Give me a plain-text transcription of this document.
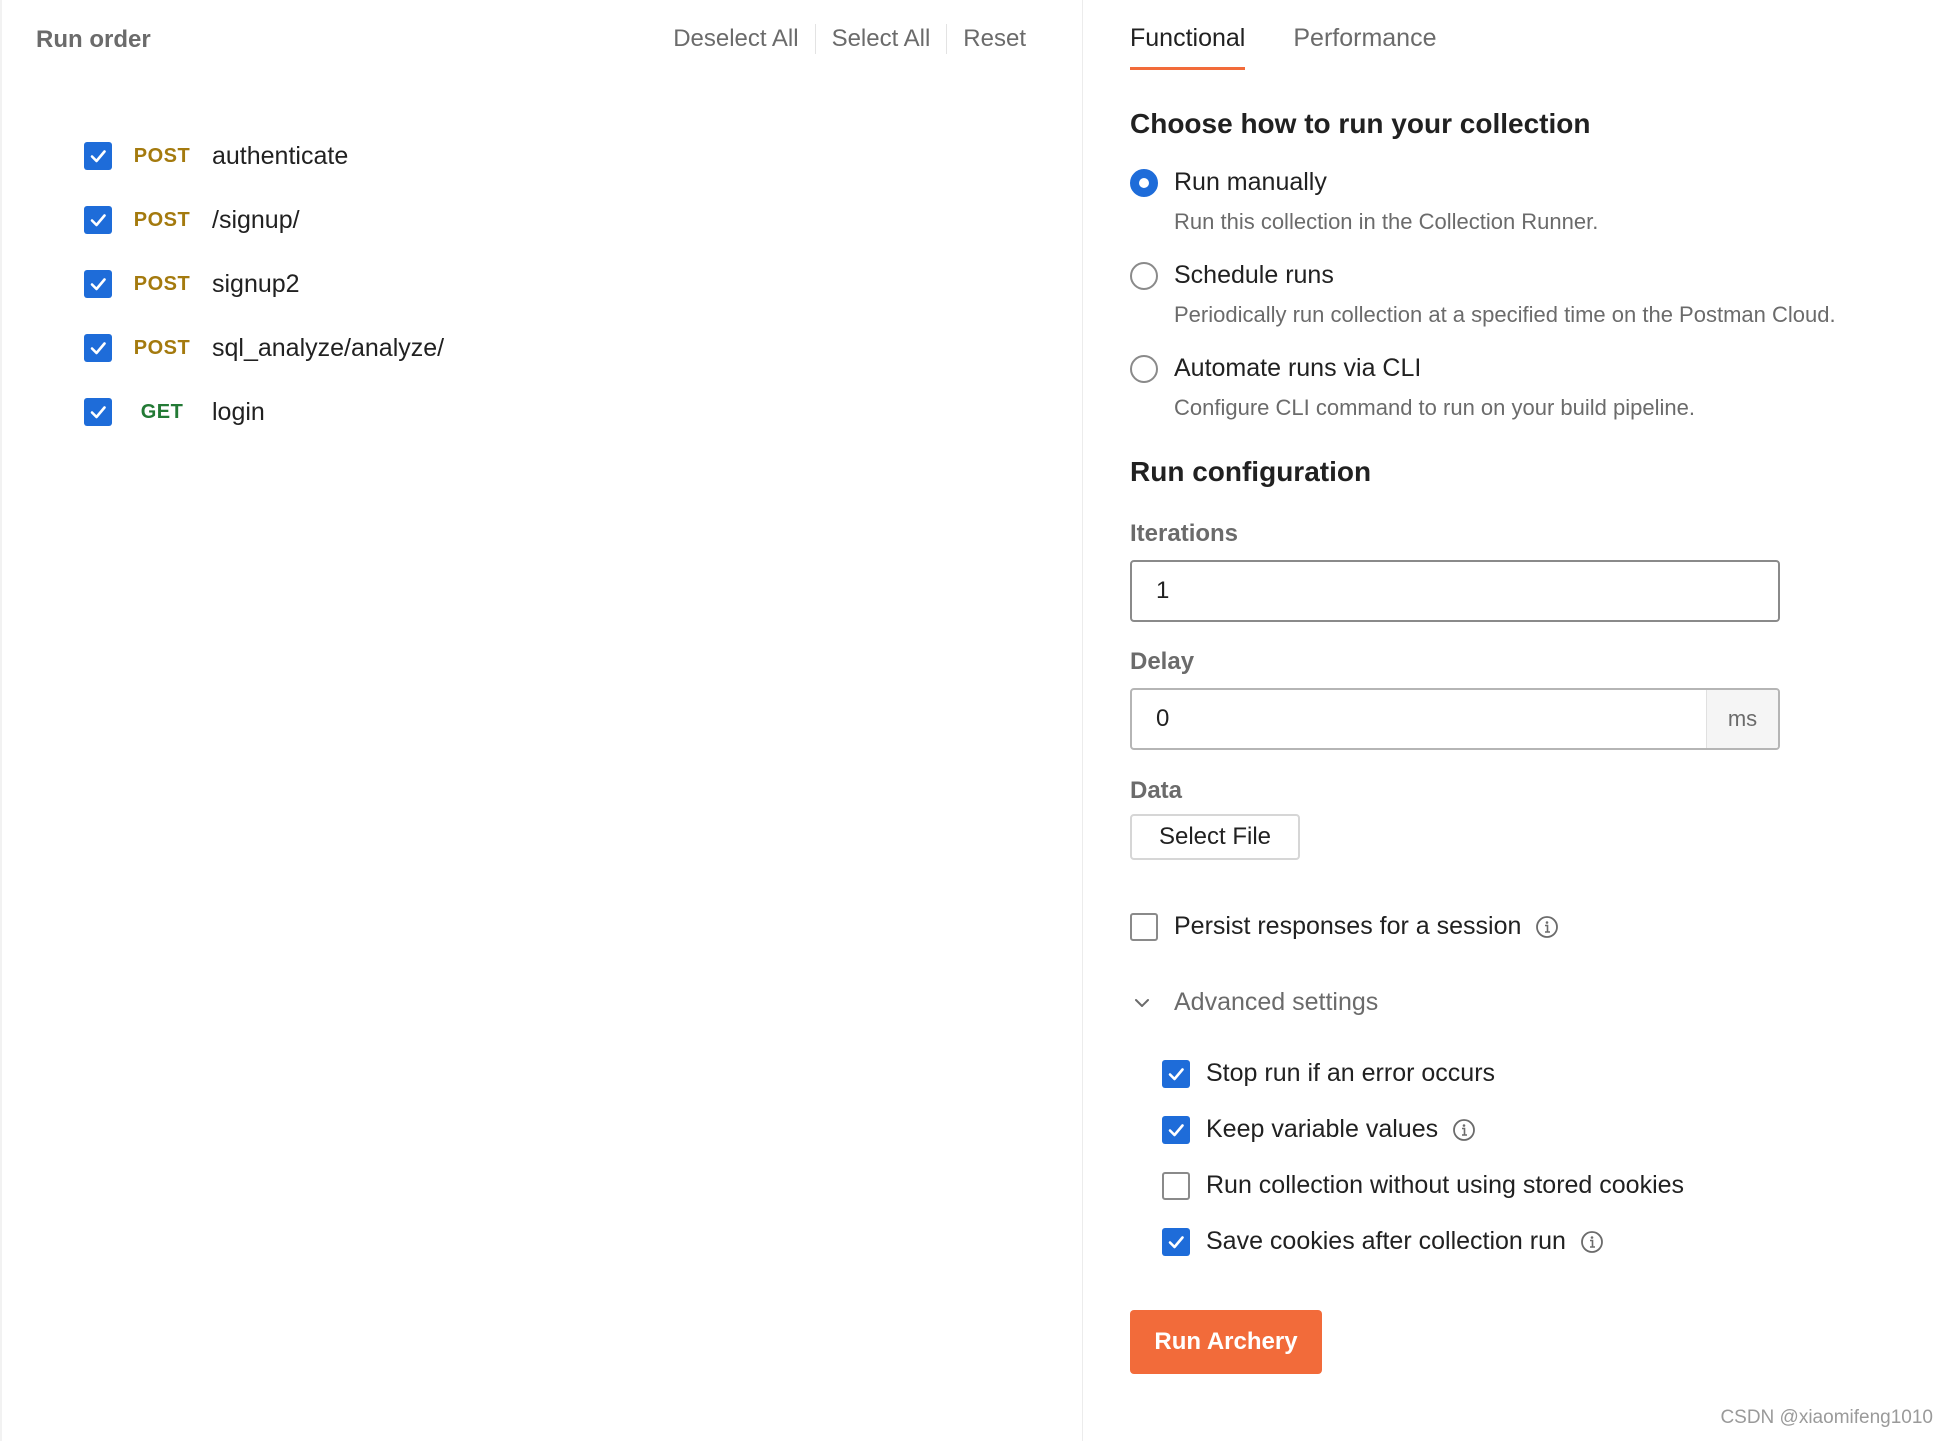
Run order	Deselect All	Select All	Reset
POST authenticate
POST /signup/
POST signup2
POST sql_analyze/analyze/
GET	login
Functional Performance
Choose how to run your collection
Run manually
Run this collection in the Collection Runner.
Schedule runs
Periodically run collection at a specified time on the Postman Cloud.
Automate runs via CLI
Configure CLI command to run on your build pipeline.
Run configuration
Iterations
1
Delay
0	ms
Data
Select File
Persist responses for a session
Advanced settings
Stop run if an error occurs
Keep variable values
Run collection without using stored cookies
Save cookies after collection run
Run Archery
CSDN @xiaomifeng1010
